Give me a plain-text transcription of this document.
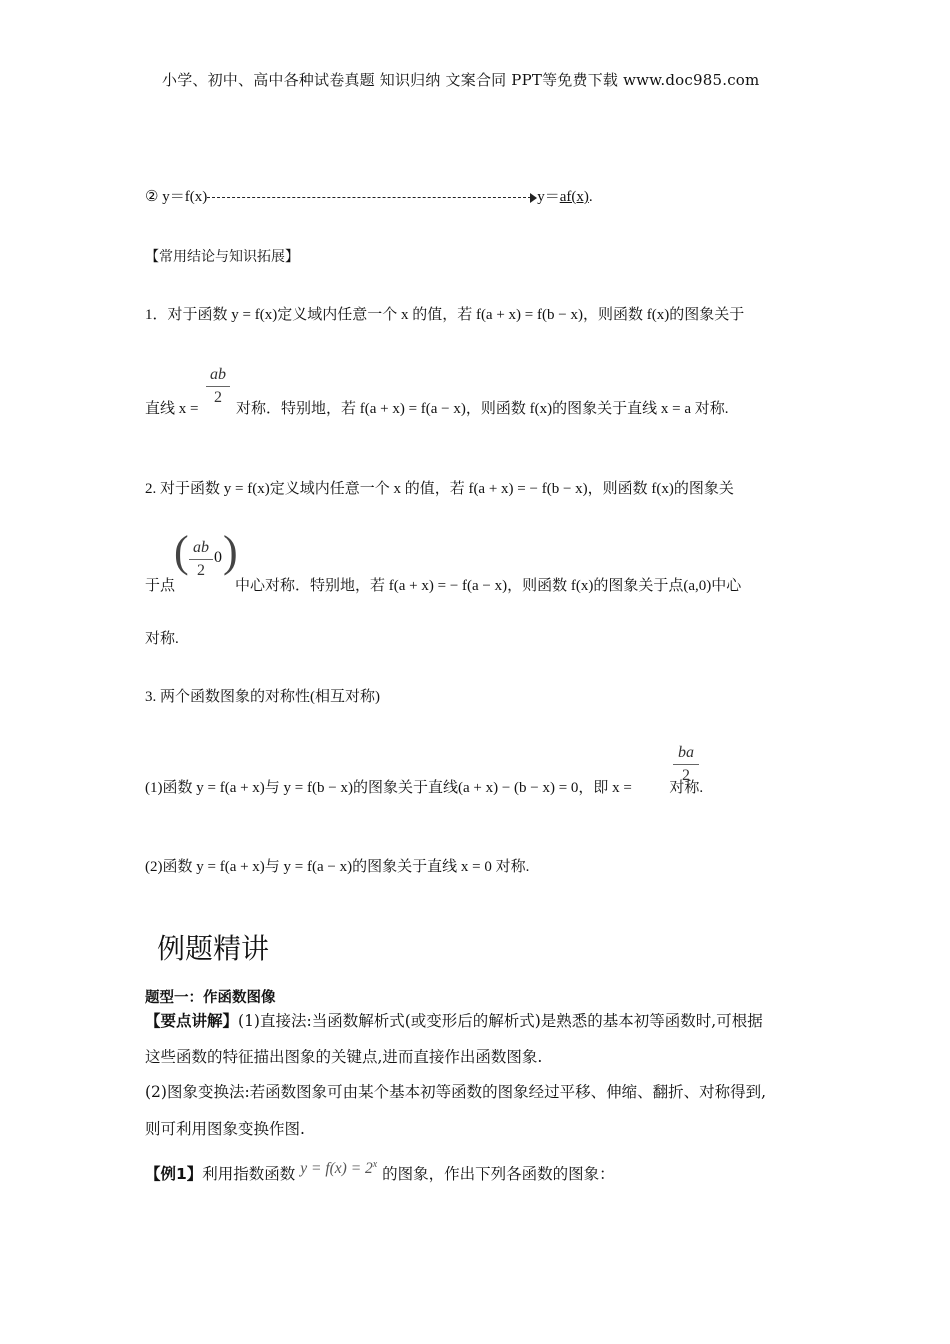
小学、初中、高中各种试卷真题 知识归纳 文案合同 PPT等免费下载 www.doc985.com
② y＝f(x)	y＝af(x).
【常用结论与知识拓展】
1．对于函数 y = f(x)定义域内任意一个 x 的值，若 f(a + x) = f(b − x)，则函数 f(x)的图象关于
ab
2
直线 x =  对称．特别地，若 f(a + x) = f(a − x)，则函数 f(x)的图象关于直线 x = a 对称.
2. 对于函数 y = f(x)定义域内任意一个 x 的值，若 f(a + x) = − f(b − x)，则函数 f(x)的图象关
( ab
2
0 )
于点	中心对称．特别地，若 f(a + x) = − f(a − x)，则函数 f(x)的图象关于点(a,0)中心
对称.
3. 两个函数图象的对称性(相互对称)
ba
2
(1)函数 y = f(a + x)与 y = f(b − x)的图象关于直线(a + x) − (b − x) = 0，即 x =  对称.
(2)函数 y = f(a + x)与 y = f(a − x)的图象关于直线 x = 0 对称.
例题精讲
题型一：作函数图像
【要点讲解】(1)直接法:当函数解析式(或变形后的解析式)是熟悉的基本初等函数时,可根据
这些函数的特征描出图象的关键点,进而直接作出函数图象.
(2)图象变换法:若函数图象可由某个基本初等函数的图象经过平移、伸缩、翻折、对称得到,
则可利用图象变换作图.
【例1】利用指数函数 $y = f(x) = 2^x$ 的图象，作出下列各函数的图象：
